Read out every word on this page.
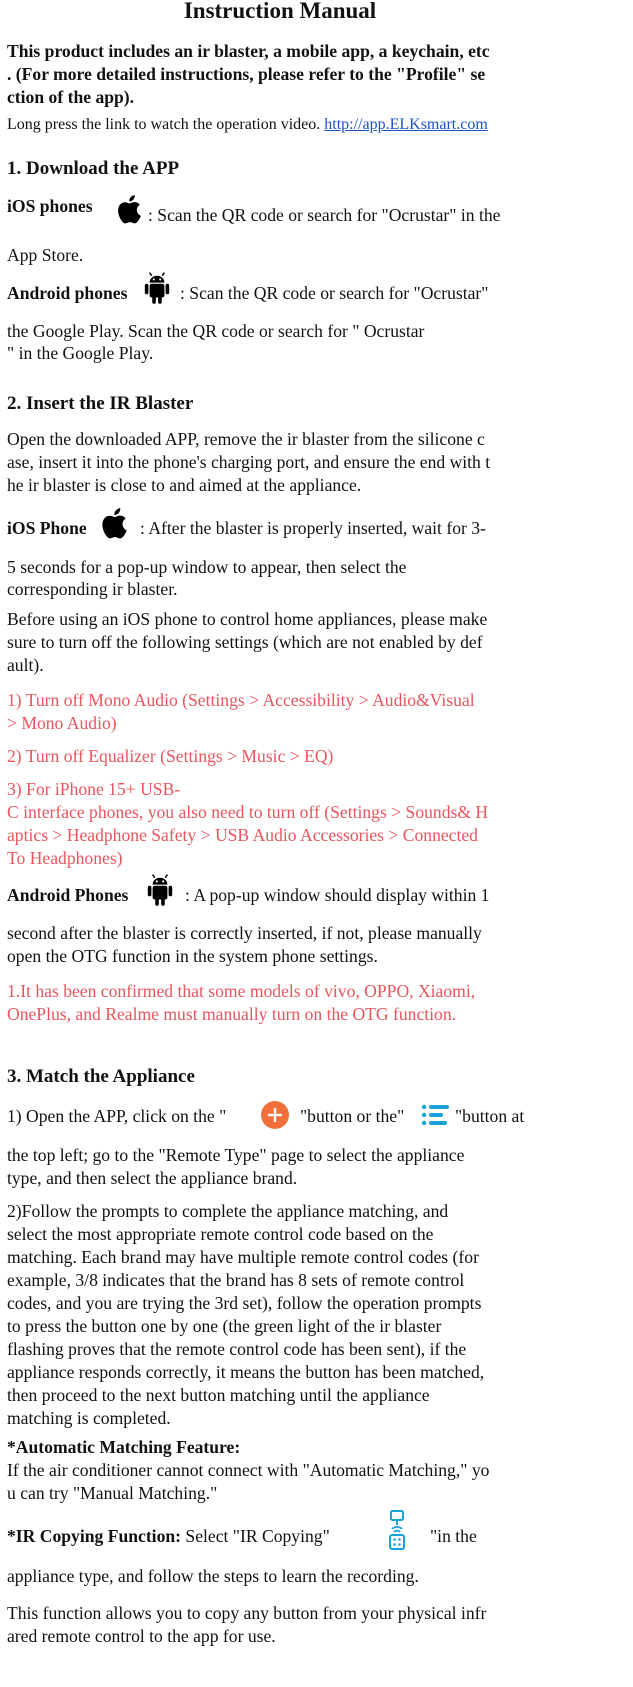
Instruction Manual
This product includes an ir blaster, a mobile app, a keychain, etc
. (For more detailed instructions, please refer to the "Profile" se
ction of the app).
Long press the link to watch the operation video. http://app.ELKsmart.com
1. Download the APP
iOS phones	: Scan the QR code or search for "Ocrustar" in the
App Store.
Android phones	: Scan the QR code or search for "Ocrustar"
the Google Play. Scan the QR code or search for " Ocrustar
" in the Google Play.
2. Insert the IR Blaster
Open the downloaded APP, remove the ir blaster from the silicone c
ase, insert it into the phone's charging port, and ensure the end with t
he ir blaster is close to and aimed at the appliance.
iOS Phone	: After the blaster is properly inserted, wait for 3-
5 seconds for a pop-up window to appear, then select the
corresponding ir blaster.
Before using an iOS phone to control home appliances, please make
sure to turn off the following settings (which are not enabled by def
ault).
1) Turn off Mono Audio (Settings > Accessibility > Audio&Visual
> Mono Audio)
2) Turn off Equalizer (Settings > Music > EQ)
3) For iPhone 15+ USB-
C interface phones, you also need to turn off (Settings > Sounds& H
aptics > Headphone Safety > USB Audio Accessories > Connected
To Headphones)
Android Phones	: A pop-up window should display within 1
second after the blaster is correctly inserted, if not, please manually
open the OTG function in the system phone settings.
1.It has been confirmed that some models of vivo, OPPO, Xiaomi,
OnePlus, and Realme must manually turn on the OTG function.
3. Match the Appliance
1) Open the APP, click on the "	"button or the"	"button at
the top left; go to the "Remote Type" page to select the appliance
type, and then select the appliance brand.
2)Follow the prompts to complete the appliance matching, and
select the most appropriate remote control code based on the
matching. Each brand may have multiple remote control codes (for
example, 3/8 indicates that the brand has 8 sets of remote control
codes, and you are trying the 3rd set), follow the operation prompts
to press the button one by one (the green light of the ir blaster
flashing proves that the remote control code has been sent), if the
appliance responds correctly, it means the button has been matched,
then proceed to the next button matching until the appliance
matching is completed.
*Automatic Matching Feature:
If the air conditioner cannot connect with "Automatic Matching," yo
u can try "Manual Matching."
*IR Copying Function: Select "IR Copying"	"in the
appliance type, and follow the steps to learn the recording.
This function allows you to copy any button from your physical infr
ared remote control to the app for use.
